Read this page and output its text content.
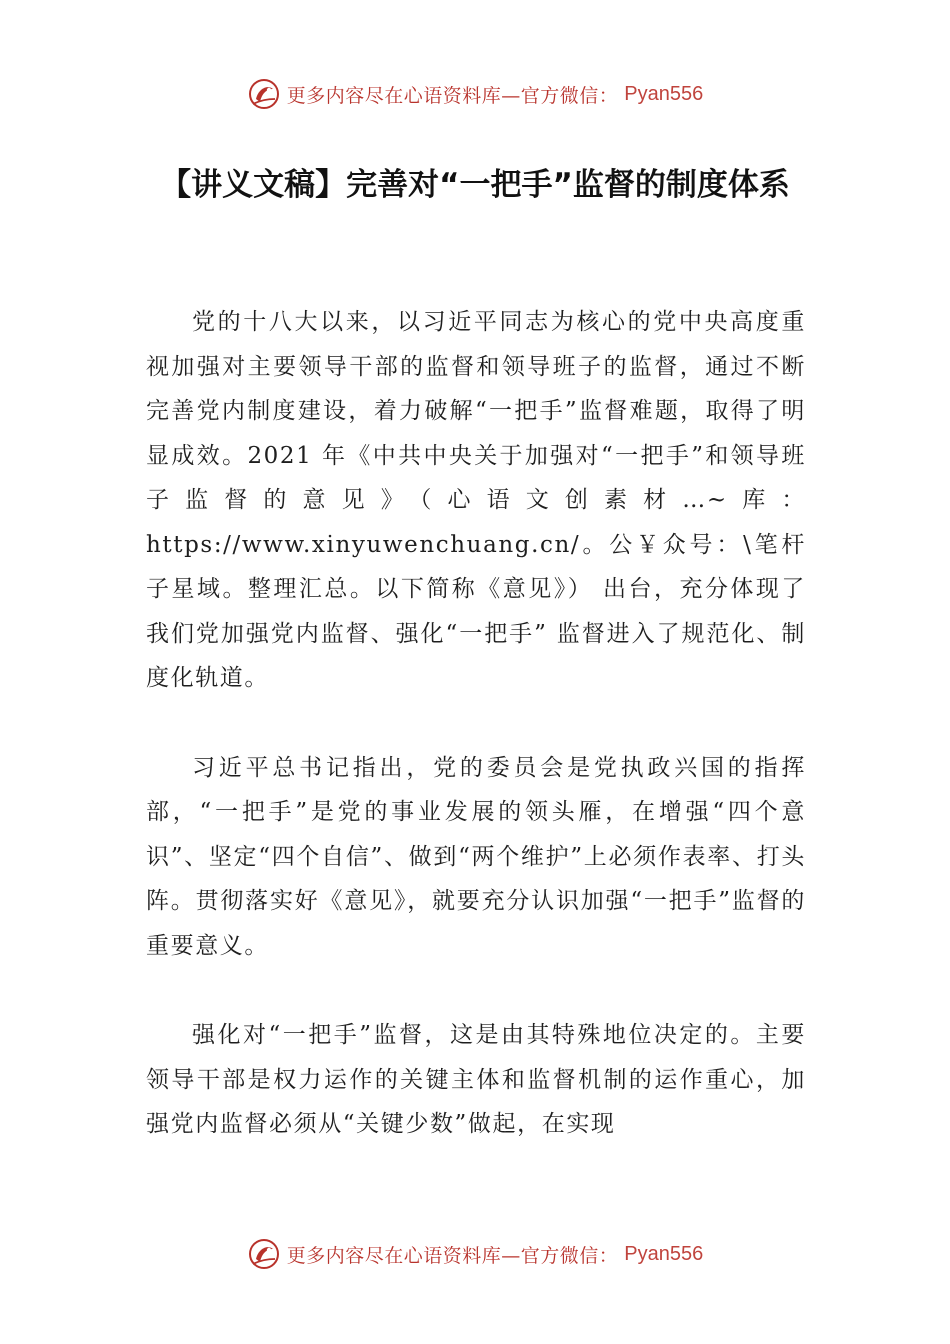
更多内容尽在心语资料库—官方微信： Pyan556
【讲义文稿】完善对“一把手”监督的制度体系

党的十八大以来，以习近平同志为核心的党中央高度重视加强对主要领导干部的监督和领导班子的监督，通过不断完善党内制度建设，着力破解“一把手”监督难题，取得了明显成效。2021 年《中共中央关于加强对“一把手”和领导班子监督的意见》（心语文创素材…~库：https://www.xinyuwenchuang.cn/。公￥众号：\笔杆子星域。整理汇总。以下简称《意见》） 出台，充分体现了我们党加强党内监督、强化“一把手” 监督进入了规范化、制度化轨道。

习近平总书记指出，党的委员会是党执政兴国的指挥部，“一把手”是党的事业发展的领头雁，在增强“四个意识”、坚定“四个自信”、做到“两个维护”上必须作表率、打头阵。贯彻落实好《意见》，就要充分认识加强“一把手”监督的重要意义。

强化对“一把手”监督，这是由其特殊地位决定的。主要领导干部是权力运作的关键主体和监督机制的运作重心，加强党内监督必须从“关键少数”做起，在实现

更多内容尽在心语资料库—官方微信： Pyan556
